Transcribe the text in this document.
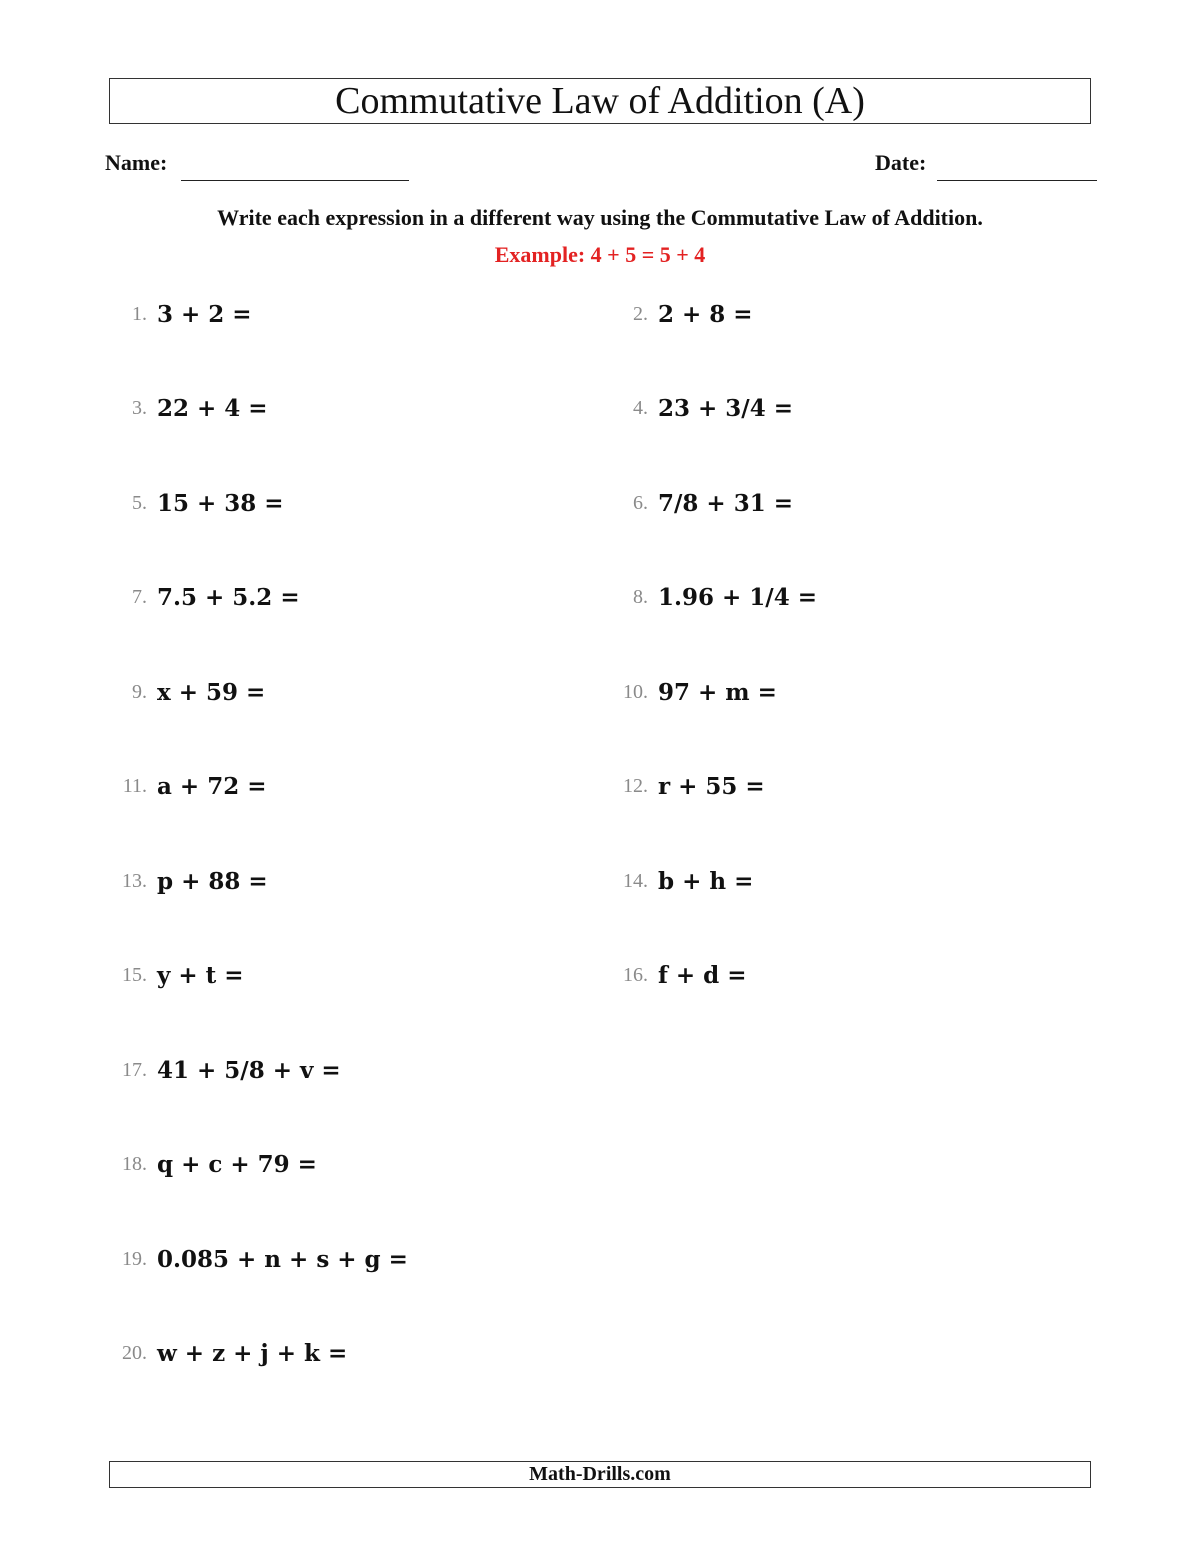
Commutative Law of Addition (A)
Name:	Date:
Write each expression in a different way using the Commutative Law of Addition.
Example: 4 + 5 = 5 + 4
1. 3 + 2 =	2. 2 + 8 =
3. 22 + 4 =	4. 23 + 3/4 =
5. 15 + 38 =	6. 7/8 + 31 =
7. 7.5 + 5.2 =	8. 1.96 + 1/4 =
9. x + 59 =	10. 97 + m =
11. a + 72 =	12. r + 55 =
13. p + 88 =	14. b + h =
15. y + t =	16. f + d =
17. 41 + 5/8 + v =
18. q + c + 79 =
19. 0.085 + n + s + g =
20. w + z + j + k =
Math-Drills.com
